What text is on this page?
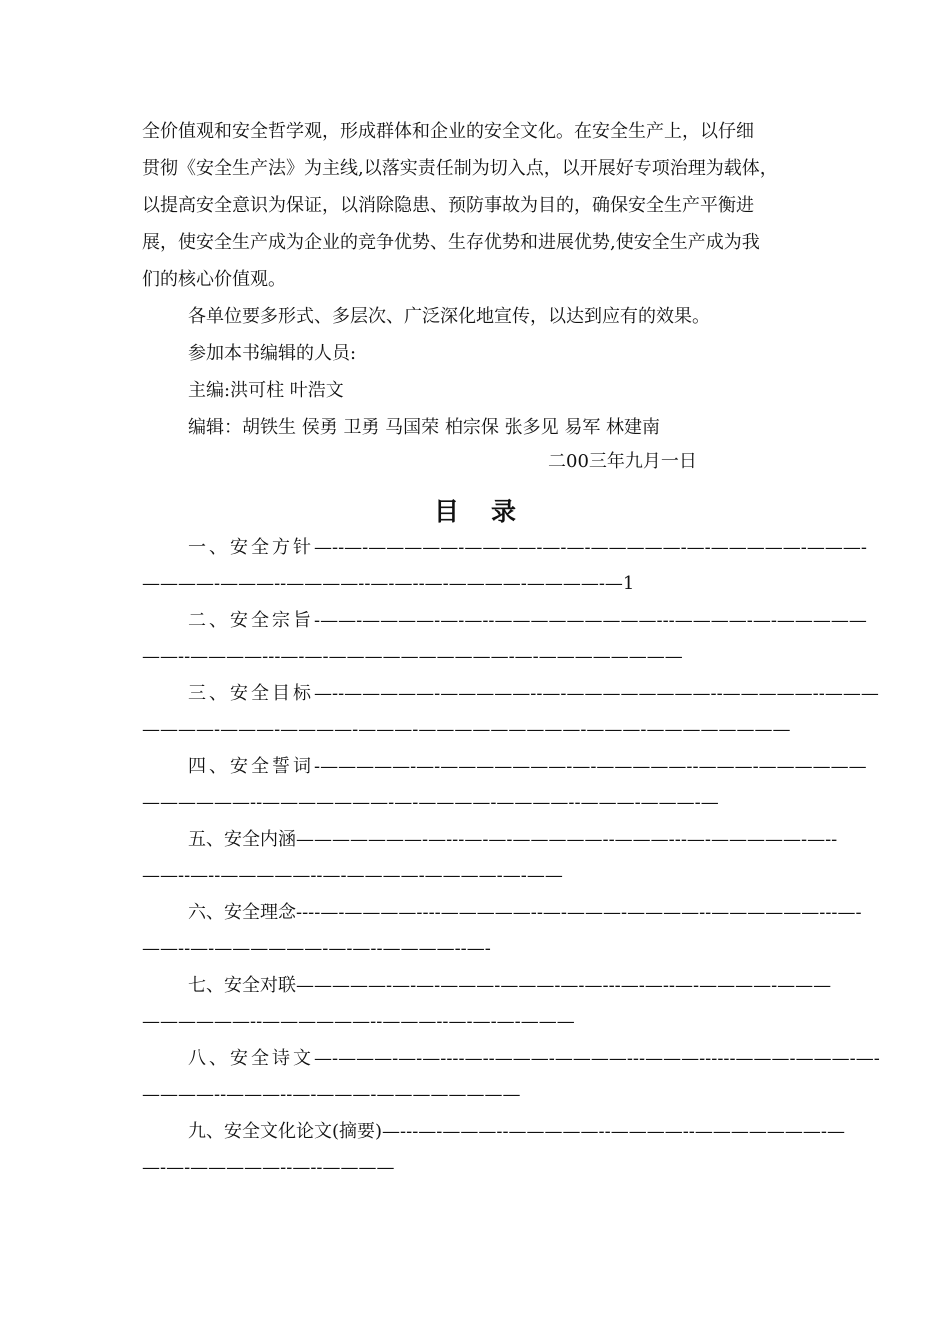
全价值观和安全哲学观，形成群体和企业的安全文化。在安全生产上，以仔细

贯彻《安全生产法》为主线,以落实责任制为切入点，以开展好专项治理为载体，

以提高安全意识为保证，以消除隐患、预防事故为目的，确保安全生产平衡进

展，使安全生产成为企业的竞争优势、生存优势和进展优势,使安全生产成为我

们的核心价值观。

各单位要多形式、多层次、广泛深化地宣传，以达到应有的效果。

参加本书编辑的人员:

主编:洪可柱 叶浩文

编辑：胡铁生 侯勇 卫勇 马国荣 柏宗保 张多见 易军 林建南

二00三年九月一日
目录
一、安全方针—--—-—————-————-—-—-—————-—-—————-———-
————-———--————--—-—--—-————-————-—1
二、安全宗旨-——-————-—-—--—————————---————-—-—————
——--————---—-—-——————————-—-————————
三、安全目标—--—————-—————--—-————————--—————--———
————-———-————-———-—————————-———-————————
四、安全誓词-—————-—-———————-—-—————--———-——————
——————--———————-—-————-————--———-———-—
五、安全内涵———————-—---—-—-—————--———---—-—————-—--
——--—--—————--—-————-————-—-——
六、安全理念----—-————----—————--—-———-————--——————---—-
——--—-——————-—-—--————--—-
七、安全对联—————-—-—-———-———-—-—---—-—--—-————-———
——————--——————--———--—-—-—-———
八、安全诗文—-———-—-—----—--———-————---———------———-———-—-
————--———--—-———-————————
九、安全文化论文(摘要)—---—-———--—————--————--———————-—
—-—-—————--—--————
